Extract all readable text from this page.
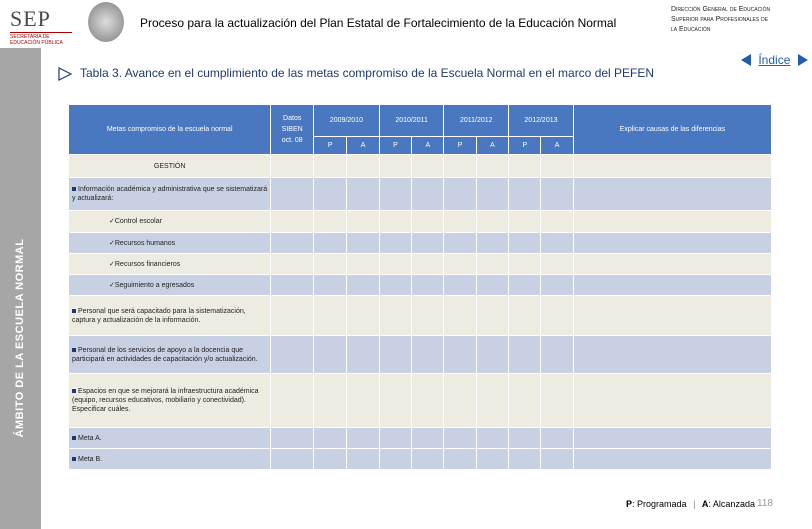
SEP
SECRETARÍA DE EDUCACIÓN PÚBLICA
Proceso para la actualización del Plan Estatal de Fortalecimiento de la Educación Normal
Dirección General de Educación
Superior para Profesionales de
la Educación
ÁMBITO DE LA ESCUELA NORMAL
Índice
Tabla 3. Avance en el cumplimiento de las metas compromiso de la Escuela Normal en el marco del PEFEN
Metas compromiso de la escuela normal	Datos
SIBEN
oct. 08	2009/2010		2010/2011		2011/2012		2012/2013		Explicar causas de las diferencias
		P	A	P	A	P	A	P	A	
GESTIÓN										
Información académica y administrativa que se sistematizará y actualizará:										
✓Control escolar										
✓Recursos humanos										
✓Recursos financieros										
✓Seguimiento a egresados										
Personal que será capacitado para la sistematización, captura y actualización de la información.										
Personal de los servicios de apoyo a la docencia que participará en actividades de capacitación y/o actualización.										
Espacios en que se mejorará la infraestructura académica (equipo, recursos educativos, mobiliario y conectividad). Especificar cuáles.										
Meta A.										
Meta B.										
118
P: Programada | A: Alcanzada
